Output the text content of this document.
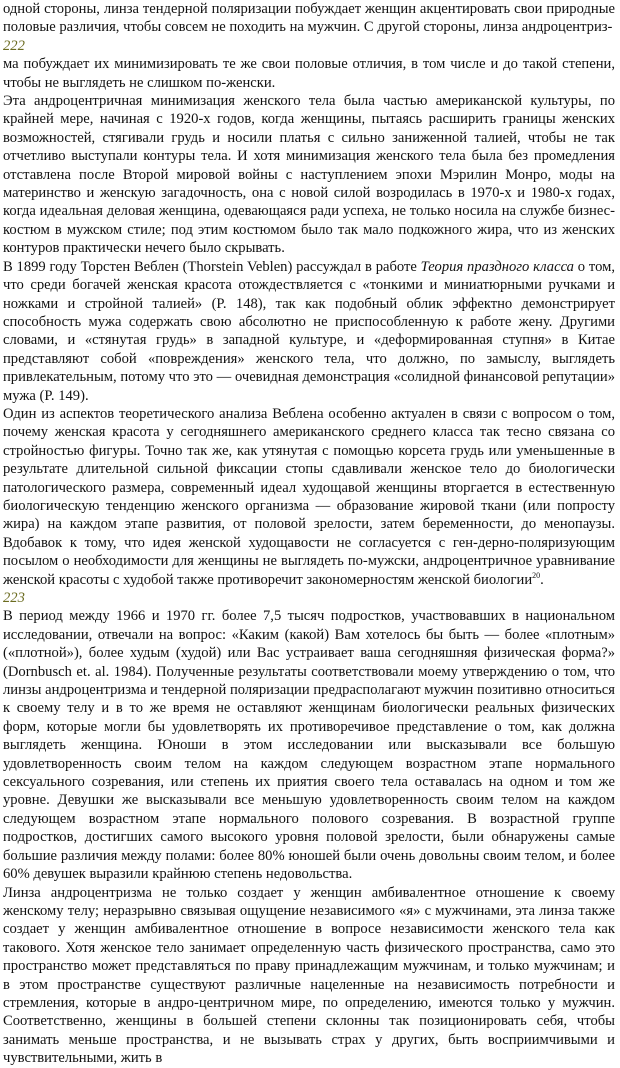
одной стороны, линза тендерной поляризации побуждает женщин акцентировать свои природные половые различия, чтобы совсем не походить на мужчин. С другой стороны, линза андроцентриз-

222

ма побуждает их минимизировать те же свои половые отличия, в том числе и до такой степени, чтобы не выглядеть не слишком по-женски.

Эта андроцентричная минимизация женского тела была частью американской культуры, по крайней мере, начиная с 1920-х годов, когда женщины, пытаясь расширить границы женских возможностей, стягивали грудь и носили платья с сильно заниженной талией, чтобы не так отчетливо выступали контуры тела. И хотя минимизация женского тела была без промедления отставлена после Второй мировой войны с наступлением эпохи Мэрилин Монро, моды на материнство и женскую загадочность, она с новой силой возродилась в 1970-х и 1980-х годах, когда идеальная деловая женщина, одевающаяся ради успеха, не только носила на службе бизнес-костюм в мужском стиле; под этим костюмом было так мало подкожного жира, что из женских контуров практически нечего было скрывать.

В 1899 году Торстен Веблен (Thorstein Veblen) рассуждал в работе Теория праздного класса о том, что среди богачей женская красота отождествляется с «тонкими и миниатюрными ручками и ножками и стройной талией» (P. 148), так как подобный облик эффектно демонстрирует способность мужа содержать свою абсолютно не приспособленную к работе жену. Другими словами, и «стянутая грудь» в западной культуре, и «деформированная ступня» в Китае представляют собой «повреждения» женского тела, что должно, по замыслу, выглядеть привлекательным, потому что это — очевидная демонстрация «солидной финансовой репутации» мужа (P. 149).

Один из аспектов теоретического анализа Веблена особенно актуален в связи с вопросом о том, почему женская красота у сегодняшнего американского среднего класса так тесно связана со стройностью фигуры. Точно так же, как утянутая с помощью корсета грудь или уменьшенные в результате длительной сильной фиксации стопы сдавливали женское тело до биологически патологического размера, современный идеал худощавой женщины вторгается в естественную биологическую тенденцию женского организма — образование жировой ткани (или попросту жира) на каждом этапе развития, от половой зрелости, затем беременности, до менопаузы. Вдобавок к тому, что идея женской худощавости не согласуется с ген-дерно-поляризующим посылом о необходимости для женщины не выглядеть по-мужски, андроцентричное уравнивание женской красоты с худобой также противоречит закономерностям женской биологии$^{20}$.

223

В период между 1966 и 1970 гг. более 7,5 тысяч подростков, участвовавших в национальном исследовании, отвечали на вопрос: «Каким (какой) Вам хотелось бы быть — более «плотным» («плотной»), более худым (худой) или Вас устраивает ваша сегодняшняя физическая форма?» (Dornbusch et. al. 1984). Полученные результаты соответствовали моему утверждению о том, что линзы андроцентризма и тендерной поляризации предрасполагают мужчин позитивно относиться к своему телу и в то же время не оставляют женщинам биологически реальных физических форм, которые могли бы удовлетворять их противоречивое представление о том, как должна выглядеть женщина. Юноши в этом исследовании или высказывали все большую удовлетворенность своим телом на каждом следующем возрастном этапе нормального сексуального созревания, или степень их приятия своего тела оставалась на одном и том же уровне. Девушки же высказывали все меньшую удовлетворенность своим телом на каждом следующем возрастном этапе нормального полового созревания. В возрастной группе подростков, достигших самого высокого уровня половой зрелости, были обнаружены самые большие различия между полами: более 80% юношей были очень довольны своим телом, и более 60% девушек выразили крайнюю степень недовольства.

Линза андроцентризма не только создает у женщин амбивалентное отношение к своему женскому телу; неразрывно связывая ощущение независимого «я» с мужчинами, эта линза также создает у женщин амбивалентное отношение в вопросе независимости женского тела как такового. Хотя женское тело занимает определенную часть физического пространства, само это пространство может представляться по праву принадлежащим мужчинам, и только мужчинам; и в этом пространстве существуют различные нацеленные на независимость потребности и стремления, которые в андро-центричном мире, по определению, имеются только у мужчин. Соответственно, женщины в большей степени склонны так позиционировать себя, чтобы занимать меньше пространства, и не вызывать страх у других, быть восприимчивыми и чувствительными, жить в
